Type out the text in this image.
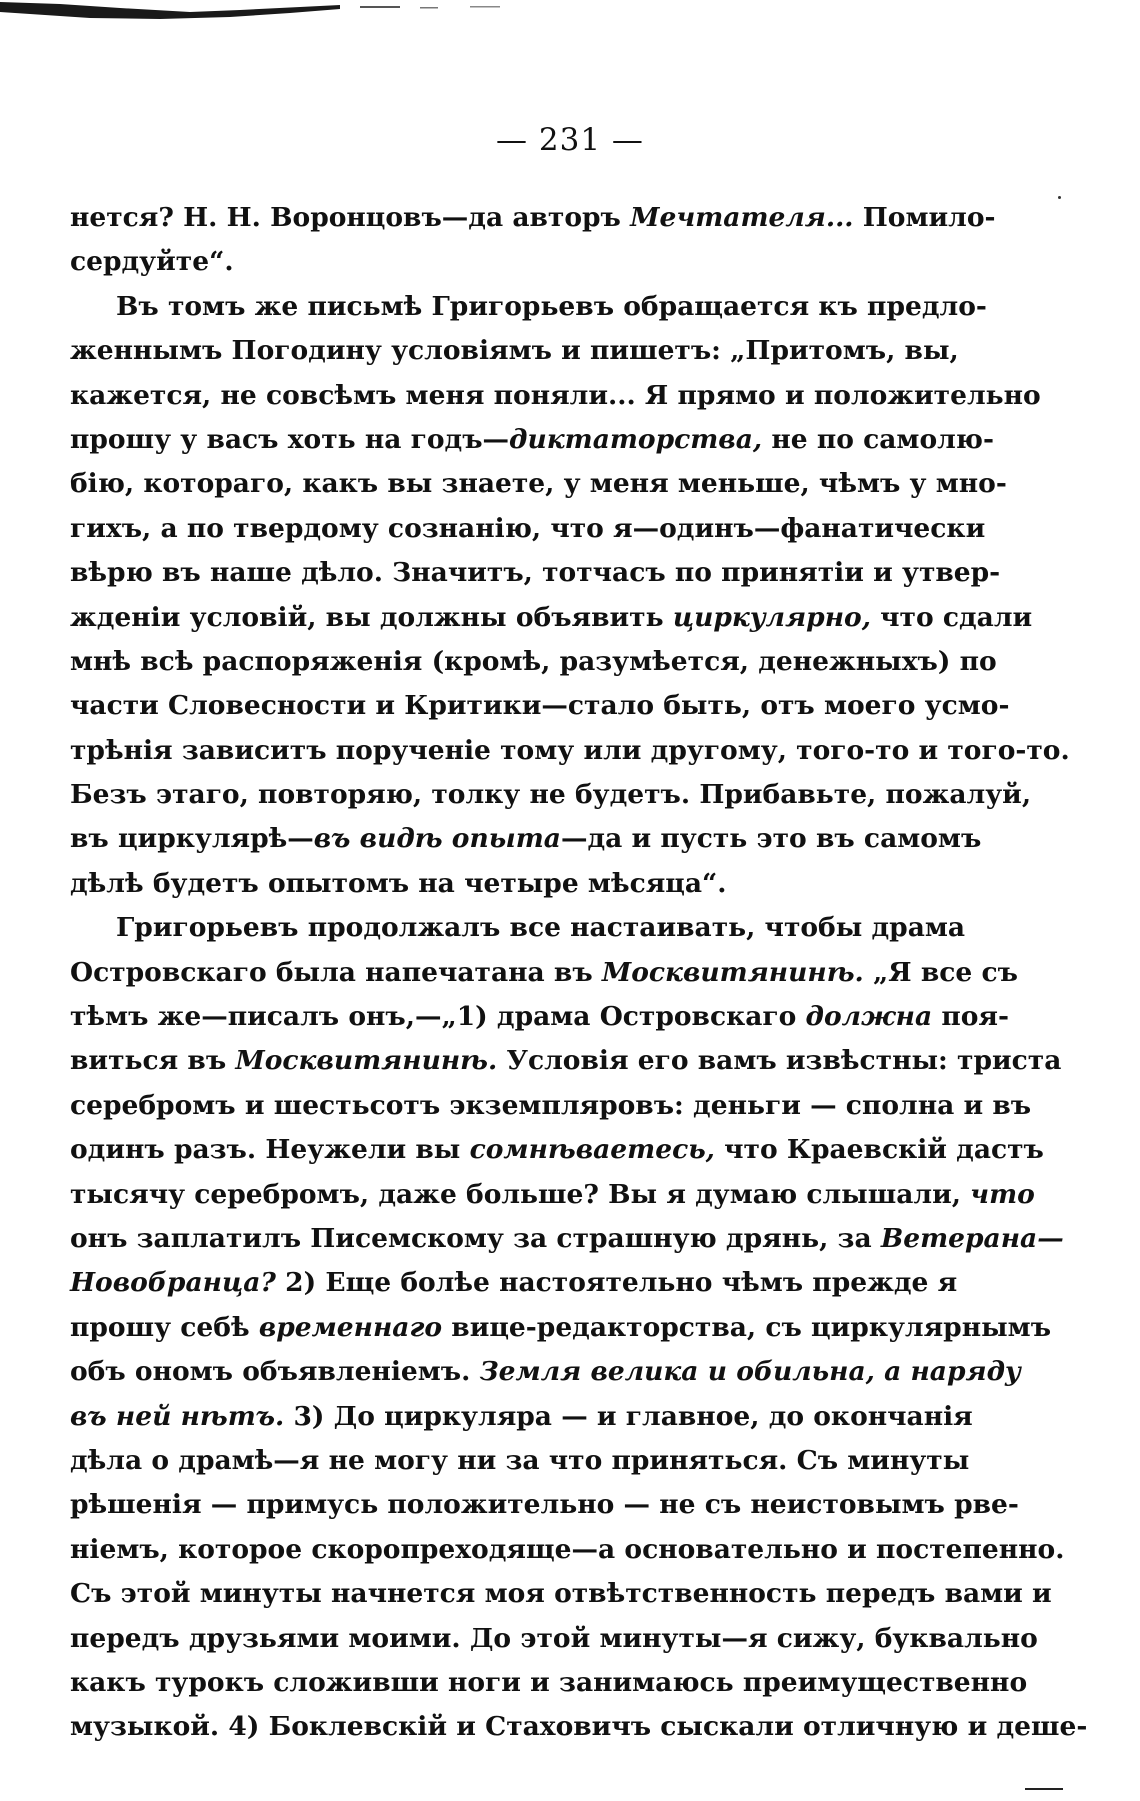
— 231 —
нется? Н. Н. Воронцовъ—да авторъ Мечтателя... Помило-
сердуйте“.
Въ томъ же письмѣ Григорьевъ обращается къ предло-
женнымъ Погодину условіямъ и пишетъ: „Притомъ, вы,
кажется, не совсѣмъ меня поняли... Я прямо и положительно
прошу у васъ хоть на годъ—диктаторства, не по самолю-
бію, котораго, какъ вы знаете, у меня меньше, чѣмъ у мно-
гихъ, а по твердому сознанію, что я—одинъ—фанатически
вѣрю въ наше дѣло. Значитъ, тотчасъ по принятіи и утвер-
жденіи условій, вы должны объявить циркулярно, что сдали
мнѣ всѣ распоряженія (кромѣ, разумѣется, денежныхъ) по
части Словесности и Критики—стало быть, отъ моего усмо-
трѣнія зависитъ порученіе тому или другому, того-то и того-то.
Безъ этаго, повторяю, толку не будетъ. Прибавьте, пожалуй,
въ циркулярѣ—въ видѣ опыта—да и пусть это въ самомъ
дѣлѣ будетъ опытомъ на четыре мѣсяца“.
Григорьевъ продолжалъ все настаивать, чтобы драма
Островскаго была напечатана въ Москвитянинѣ. „Я все съ
тѣмъ же—писалъ онъ,—„1) драма Островскаго должна поя-
виться въ Москвитянинѣ. Условія его вамъ извѣстны: триста
серебромъ и шестьсотъ экземпляровъ: деньги — сполна и въ
одинъ разъ. Неужели вы сомнѣваетесь, что Краевскій дастъ
тысячу серебромъ, даже больше? Вы я думаю слышали, что
онъ заплатилъ Писемскому за страшную дрянь, за Ветерана—
Новобранца? 2) Еще болѣе настоятельно чѣмъ прежде я
прошу себѣ временнаго вице-редакторства, съ циркулярнымъ
объ ономъ объявленіемъ. Земля велика и обильна, а наряду
въ ней нѣтъ. 3) До циркуляра — и главное, до окончанія
дѣла о драмѣ—я не могу ни за что приняться. Съ минуты
рѣшенія — примусь положительно — не съ неистовымъ рве-
ніемъ, которое скоропреходяще—а основательно и постепенно.
Съ этой минуты начнется моя отвѣтственность передъ вами и
передъ друзьями моими. До этой минуты—я сижу, буквально
какъ турокъ сложивши ноги и занимаюсь преимущественно
музыкой. 4) Боклевскій и Стаховичъ сыскали отличную и деше-
